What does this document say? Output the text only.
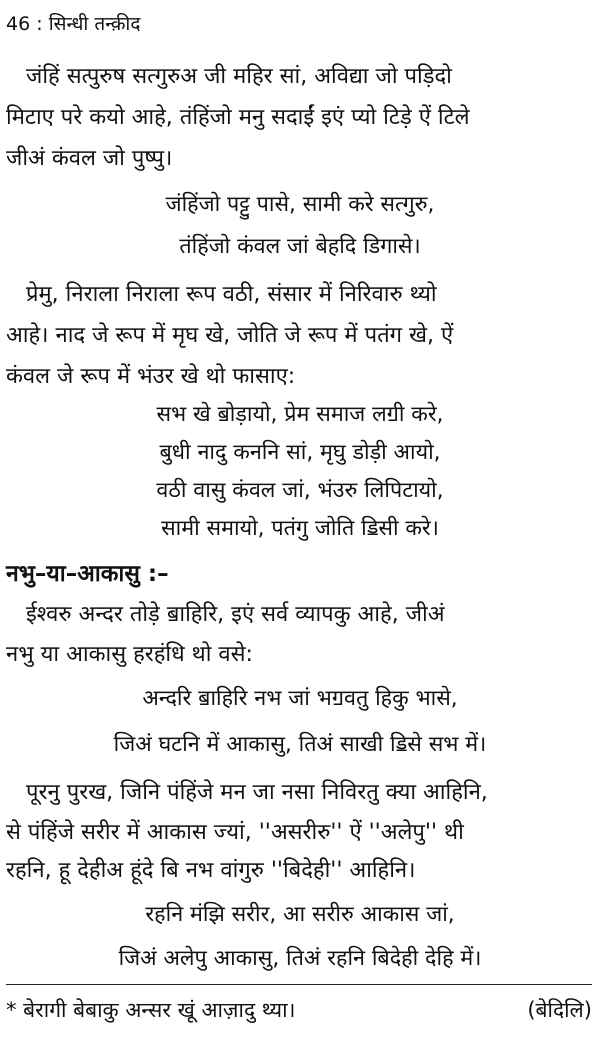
46 : सिन्धी तन्क़ीद
जंहिं सत्पुरुष सत्गुरुअ जी महिर सां, अविद्या जो पड़िदो
मिटाए परे कयो आहे, तंहिंजो मनु सदाईं इएं प्यो टिड़े ऐं टिले
जीअं कंवल जो पुष्पु।
जंहिंजो पट्टु पासे, सामी करे सत्गुरु,
तंहिंजो कंवल जां बेहदि डिगासे।
प्रेमु, निराला निराला रूप वठी, संसार में निरिवारु थ्यो
आहे। नाद जे रूप में मृघ खे, जोति जे रूप में पतंग खे, ऐं
कंवल जे रूप में भंउर खे थो फासाए:
सभ खे ॿोड़ायो, प्रेम समाज लॻी करे,
बुधी नादु कननि सां, मृघु डोड़ी आयो,
वठी वासु कंवल जां, भंउरु लिपिटायो,
सामी समायो, पतंगु जोति ॾिसी करे।
नभु–या–आकासु :–
ईश्वरु अन्दर तोड़े ॿाहिरि, इएं सर्व व्यापकु आहे, जीअं
नभु या आकासु हरहंधि थो वसे:
अन्दरि ॿाहिरि नभ जां भॻवतु हिकु भासे,
जिअं घटनि में आकासु, तिअं साखी ॾिसे सभ में।
पूरनु पुरख, जिनि पंहिंजे मन जा नसा निविरतु क्या आहिनि,
से पंहिंजे सरीर में आकास ज्यां, ''असरीरु'' ऐं ''अलेपु'' थी
रहनि, हू देहीअ हूंदे बि नभ वांगुरु ''बिदेही'' आहिनि।
रहनि मंझि सरीर, आ सरीरु आकास जां,
जिअं अलेपु आकासु, तिअं रहनि बिदेही देहि में।
* बेरागी बेबाकु अन्सर खूं आज़ादु थ्या।	(बेदिलि)
